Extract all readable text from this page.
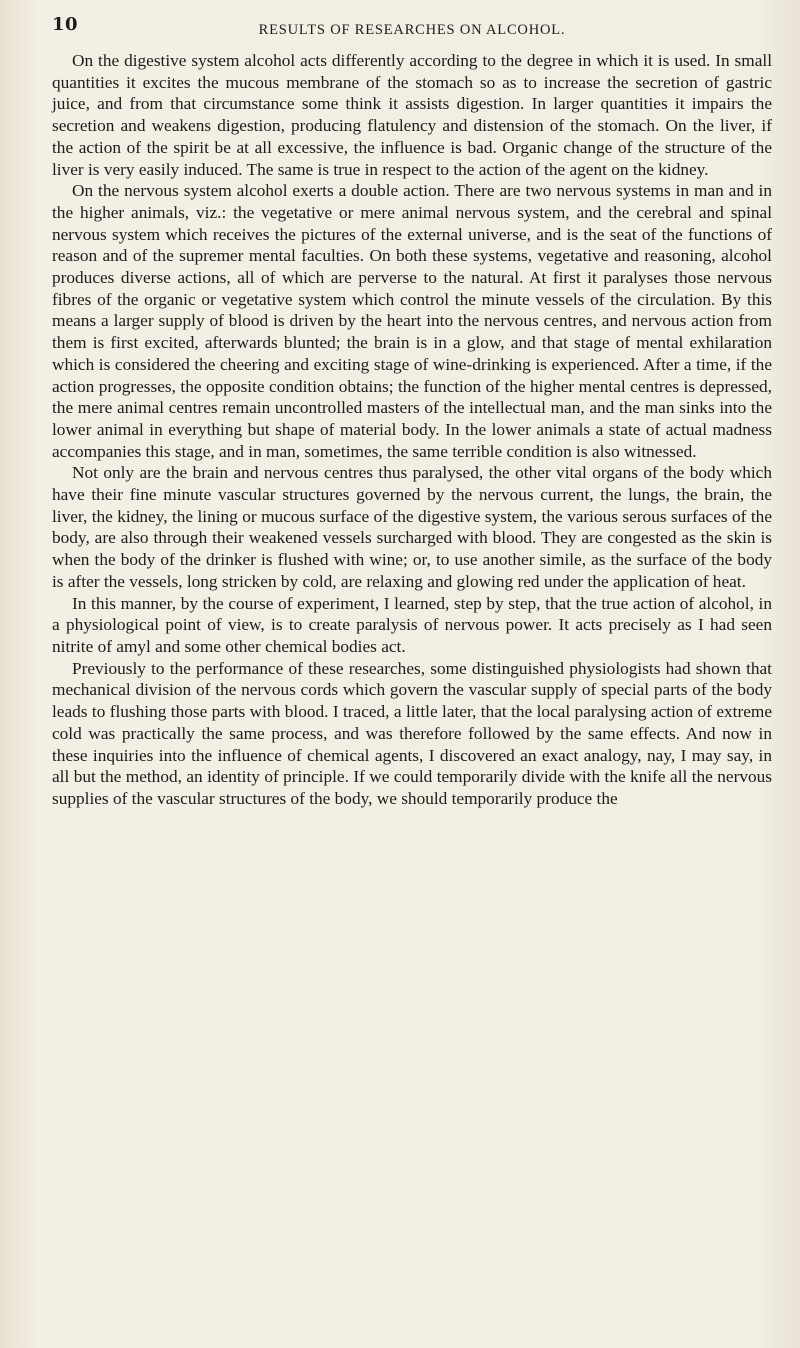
10	RESULTS OF RESEARCHES ON ALCOHOL.

On the digestive system alcohol acts differently according to the degree in which it is used. In small quantities it excites the mucous membrane of the stomach so as to increase the secretion of gastric juice, and from that circumstance some think it assists digestion. In larger quantities it impairs the secretion and weakens digestion, producing flatulency and distension of the stomach. On the liver, if the action of the spirit be at all excessive, the influence is bad. Organic change of the structure of the liver is very easily induced. The same is true in respect to the action of the agent on the kidney.

On the nervous system alcohol exerts a double action. There are two nervous systems in man and in the higher animals, viz.: the vegetative or mere animal nervous system, and the cerebral and spinal nervous system which receives the pictures of the external universe, and is the seat of the functions of reason and of the supremer mental faculties. On both these systems, vegetative and reasoning, alcohol produces diverse actions, all of which are perverse to the natural. At first it paralyses those nervous fibres of the organic or vegetative system which control the minute vessels of the circulation. By this means a larger supply of blood is driven by the heart into the nervous centres, and nervous action from them is first excited, afterwards blunted; the brain is in a glow, and that stage of mental exhilaration which is considered the cheering and exciting stage of wine-drinking is experienced. After a time, if the action progresses, the opposite condition obtains; the function of the higher mental centres is depressed, the mere animal centres remain uncontrolled masters of the intellectual man, and the man sinks into the lower animal in everything but shape of material body. In the lower animals a state of actual madness accompanies this stage, and in man, sometimes, the same terrible condition is also witnessed.

Not only are the brain and nervous centres thus paralysed, the other vital organs of the body which have their fine minute vascular structures governed by the nervous current, the lungs, the brain, the liver, the kidney, the lining or mucous surface of the digestive system, the various serous surfaces of the body, are also through their weakened vessels surcharged with blood. They are congested as the skin is when the body of the drinker is flushed with wine; or, to use another simile, as the surface of the body is after the vessels, long stricken by cold, are relaxing and glowing red under the application of heat.

In this manner, by the course of experiment, I learned, step by step, that the true action of alcohol, in a physiological point of view, is to create paralysis of nervous power. It acts precisely as I had seen nitrite of amyl and some other chemical bodies act.

Previously to the performance of these researches, some distinguished physiologists had shown that mechanical division of the nervous cords which govern the vascular supply of special parts of the body leads to flushing those parts with blood. I traced, a little later, that the local paralysing action of extreme cold was practically the same process, and was therefore followed by the same effects. And now in these inquiries into the influence of chemical agents, I discovered an exact analogy, nay, I may say, in all but the method, an identity of principle. If we could temporarily divide with the knife all the nervous supplies of the vascular structures of the body, we should temporarily produce the
